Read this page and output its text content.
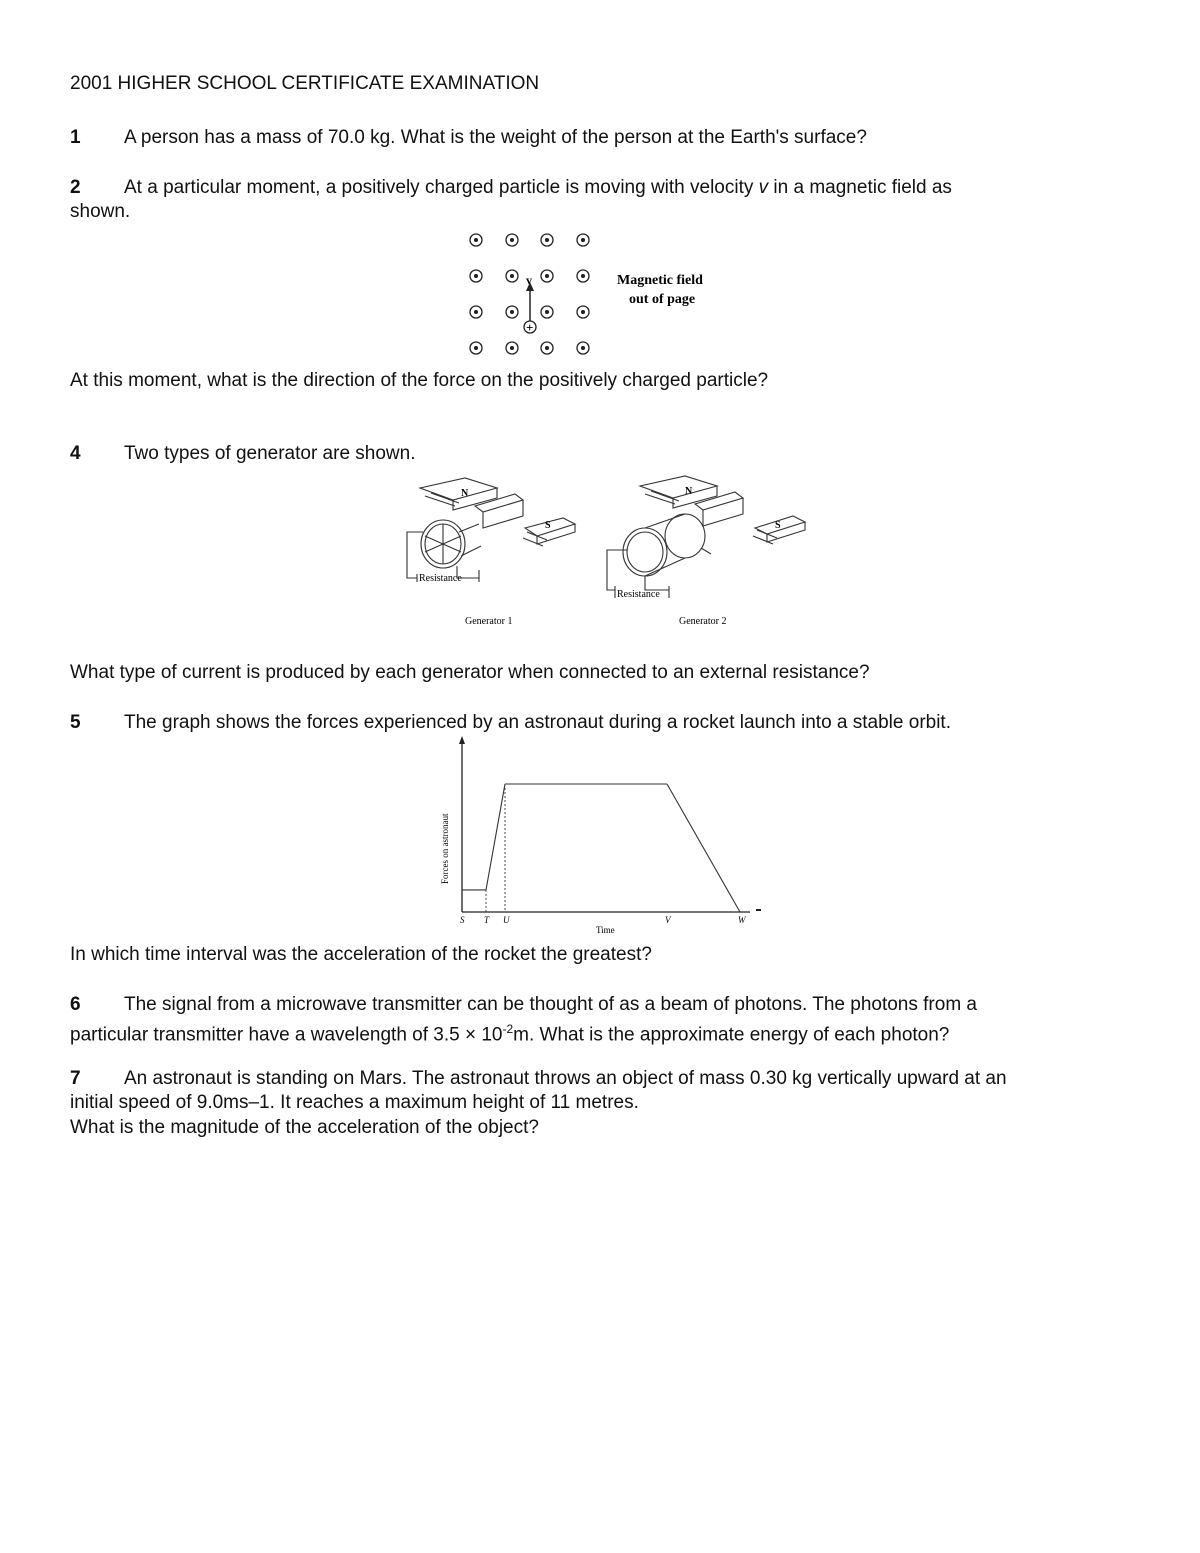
2001 HIGHER SCHOOL CERTIFICATE EXAMINATION
1 A person has a mass of 70.0 kg. What is the weight of the person at the Earth's surface?
2 At a particular moment, a positively charged particle is moving with velocity v in a magnetic field as
shown.
v
+
Magnetic field
out of page
At this moment, what is the direction of the force on the positively charged particle?
4 Two types of generator are shown.
N
S
Resistance
Generator 1
N
S
Resistance
Generator 2
What type of current is produced by each generator when connected to an external resistance?
5 The graph shows the forces experienced by an astronaut during a rocket launch into a stable orbit.
S T U	V	W
Time
Forces on astronaut
In which time interval was the acceleration of the rocket the greatest?
6 The signal from a microwave transmitter can be thought of as a beam of photons. The photons from a
particular transmitter have a wavelength of $3.5 \times 10^{-2}m$. What is the approximate energy of each photon?
7 An astronaut is standing on Mars. The astronaut throws an object of mass 0.30 kg vertically upward at an
initial speed of 9.0ms–1. It reaches a maximum height of 11 metres.
What is the magnitude of the acceleration of the object?
